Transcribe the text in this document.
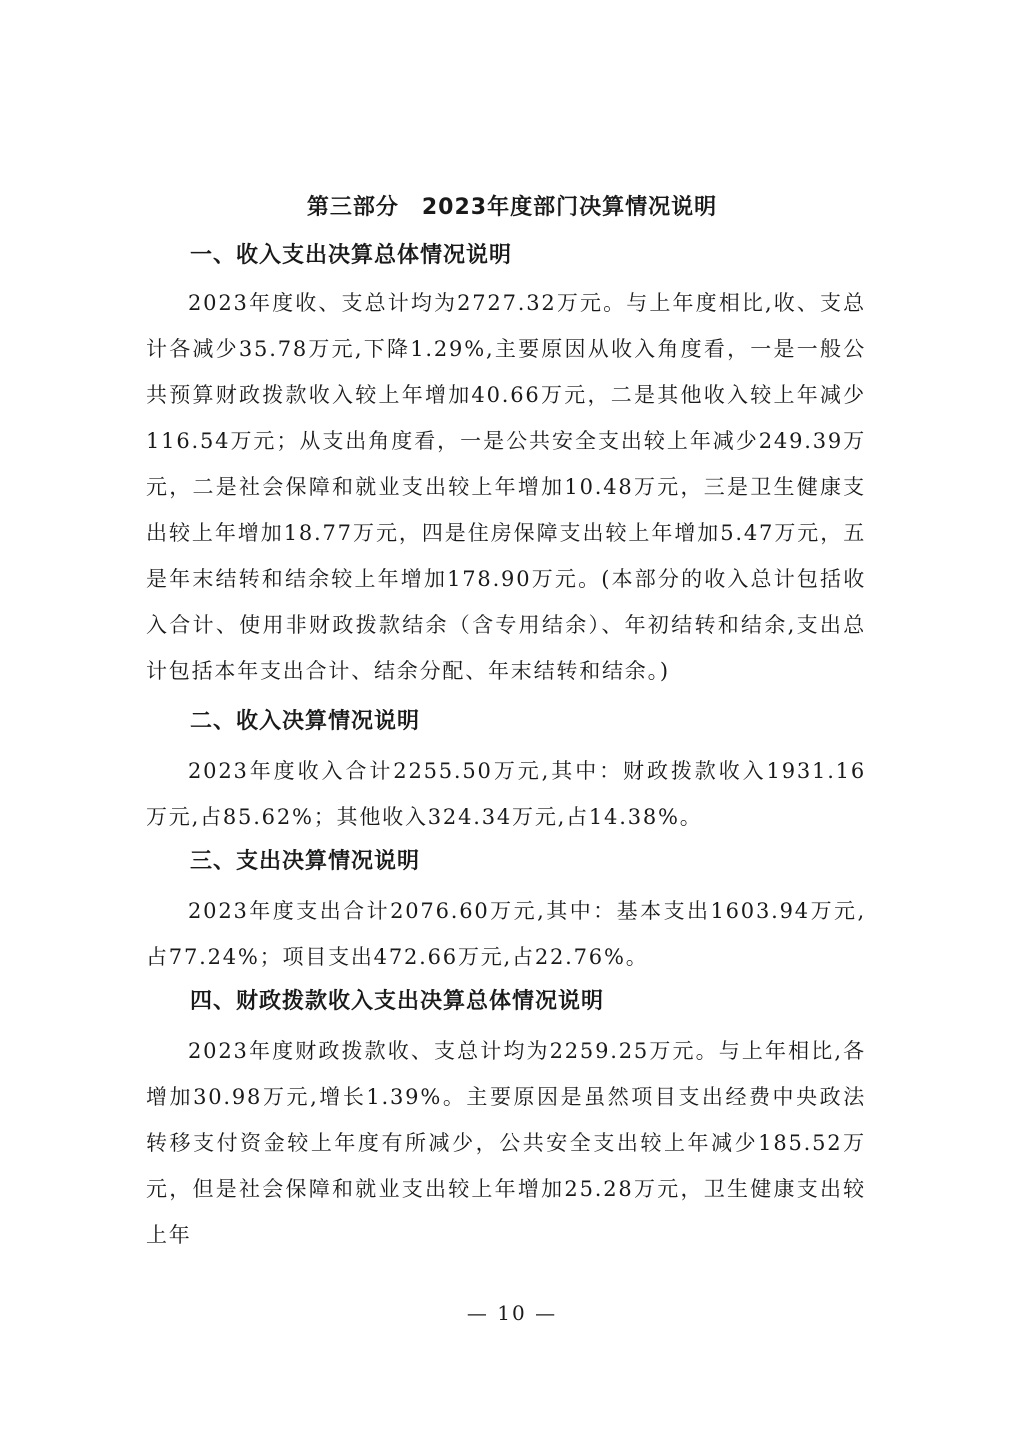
第三部分　2023年度部门决算情况说明
一、收入支出决算总体情况说明
2023年度收、支总计均为2727.32万元。与上年度相比,收、支总计各减少35.78万元,下降1.29%,主要原因从收入角度看，一是一般公共预算财政拨款收入较上年增加40.66万元，二是其他收入较上年减少116.54万元；从支出角度看，一是公共安全支出较上年减少249.39万元，二是社会保障和就业支出较上年增加10.48万元，三是卫生健康支出较上年增加18.77万元，四是住房保障支出较上年增加5.47万元，五是年末结转和结余较上年增加178.90万元。(本部分的收入总计包括收入合计、使用非财政拨款结余（含专用结余）、年初结转和结余,支出总计包括本年支出合计、结余分配、年末结转和结余。)
二、收入决算情况说明
2023年度收入合计2255.50万元,其中：财政拨款收入1931.16万元,占85.62%；其他收入324.34万元,占14.38%。
三、支出决算情况说明
2023年度支出合计2076.60万元,其中：基本支出1603.94万元,占77.24%；项目支出472.66万元,占22.76%。
四、财政拨款收入支出决算总体情况说明
2023年度财政拨款收、支总计均为2259.25万元。与上年相比,各增加30.98万元,增长1.39%。主要原因是虽然项目支出经费中央政法转移支付资金较上年度有所减少，公共安全支出较上年减少185.52万元，但是社会保障和就业支出较上年增加25.28万元，卫生健康支出较上年
— 10 —
